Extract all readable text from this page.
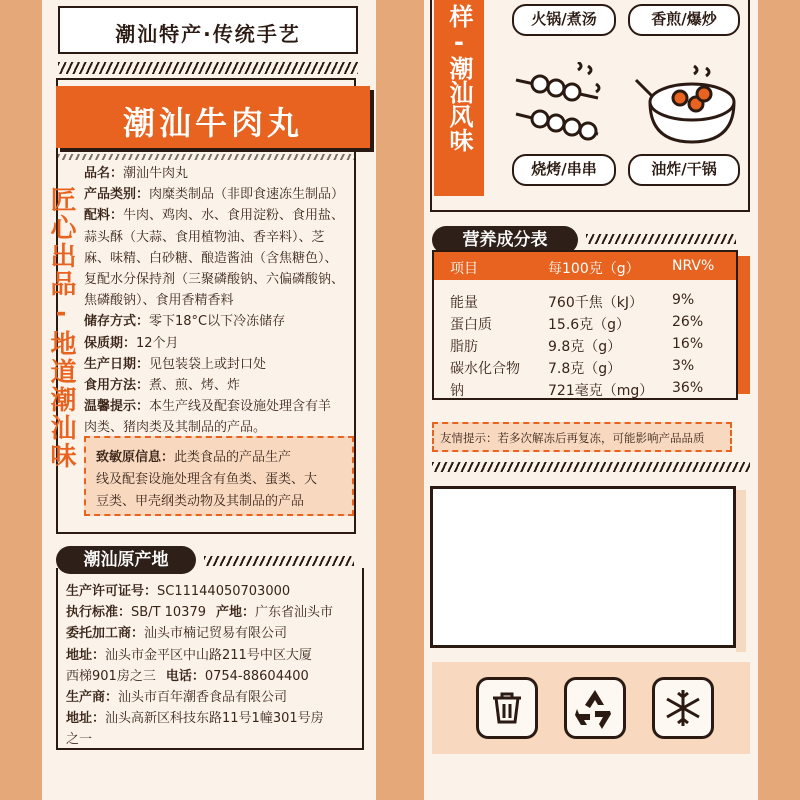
潮汕特产·传统手艺
潮汕牛肉丸
匠心出品-地道潮汕味
品名：潮汕牛肉丸
产品类别：肉糜类制品（非即食速冻生制品）
配料：牛肉、鸡肉、水、食用淀粉、食用盐、
蒜头酥（大蒜、食用植物油、香辛料）、芝
麻、味精、白砂糖、酿造酱油（含焦糖色）、
复配水分保持剂（三聚磷酸钠、六偏磷酸钠、
焦磷酸钠）、食用香精香料
储存方式：零下18°C以下冷冻储存
保质期：12个月
生产日期：见包装袋上或封口处
食用方法：煮、煎、烤、炸
温馨提示：本生产线及配套设施处理含有羊
肉类、猪肉类及其制品的产品。
致敏原信息：此类食品的产品生产
线及配套设施处理含有鱼类、蛋类、大
豆类、甲壳纲类动物及其制品的产品
潮汕原产地
生产许可证号：SC11144050703000
执行标准：SB/T 10379 产地：广东省汕头市
委托加工商：汕头市楠记贸易有限公司
地址：汕头市金平区中山路211号中区大厦
西梯901房之三 电话：0754-88604400
生产商：汕头市百年潮香食品有限公司
地址：汕头高新区科技东路11号1幢301号房
之一
样-潮汕风味	火锅/煮汤	香煎/爆炒
烧烤/串串	油炸/干锅
营养成分表
项目	每100克（g） NRV%
能量	760千焦（kJ） 9%
蛋白质	15.6克（g）	26%
脂肪	9.8克（g）	16%
碳水化合物 7.8克（g）	3%
钠	721毫克（mg） 36%
友情提示：若多次解冻后再复冻，可能影响产品品质
